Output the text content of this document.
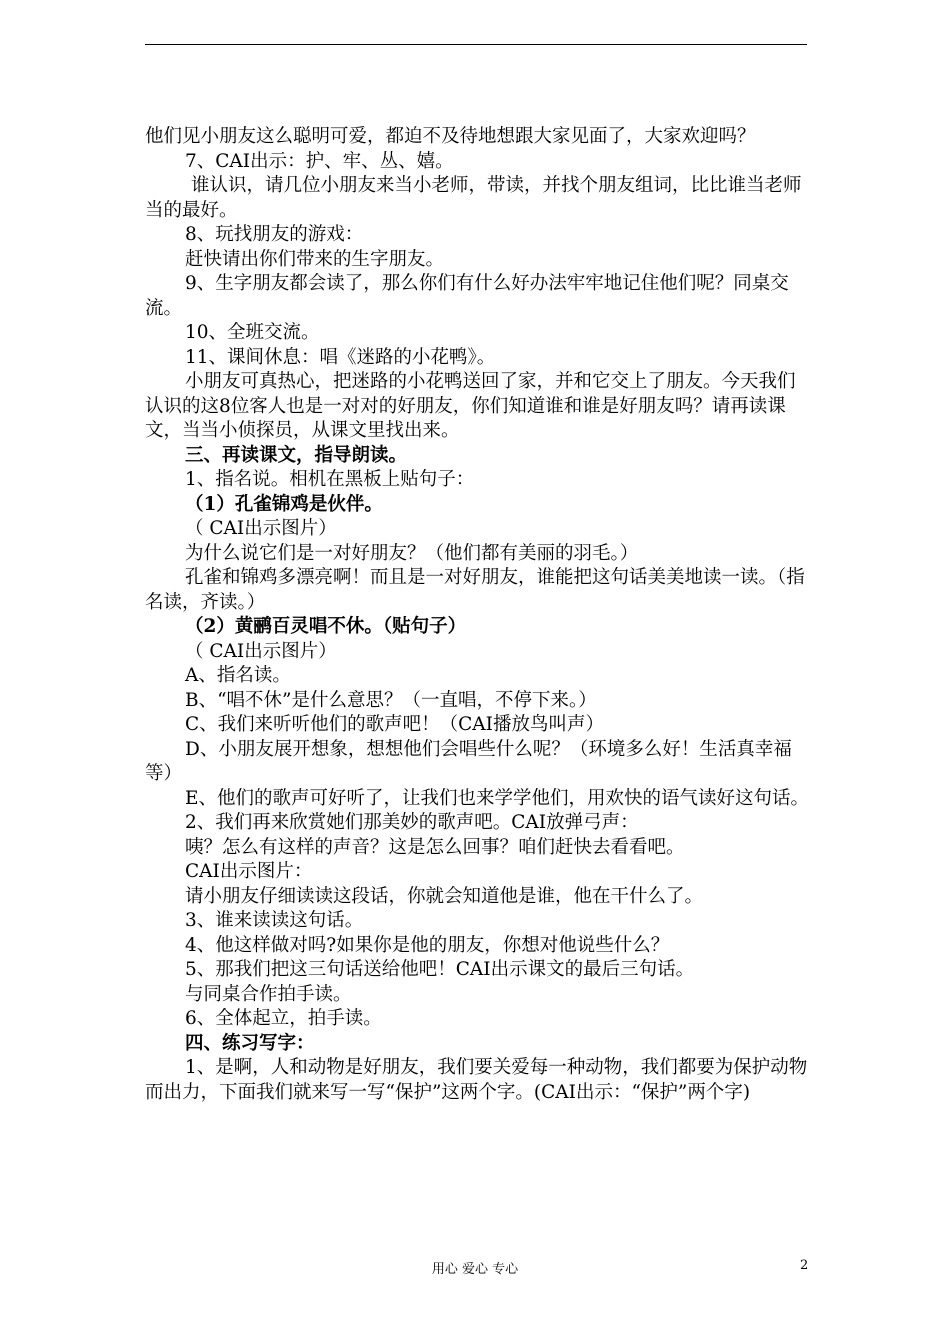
他们见小朋友这么聪明可爱，都迫不及待地想跟大家见面了，大家欢迎吗？

7、CAI出示：护、牢、丛、嬉。

谁认识，请几位小朋友来当小老师，带读，并找个朋友组词，比比谁当老师当的最好。

8、玩找朋友的游戏：

赶快请出你们带来的生字朋友。

9、生字朋友都会读了，那么你们有什么好办法牢牢地记住他们呢？同桌交流。

10、全班交流。

11、课间休息：唱《迷路的小花鸭》。

小朋友可真热心，把迷路的小花鸭送回了家，并和它交上了朋友。今天我们认识的这8位客人也是一对对的好朋友，你们知道谁和谁是好朋友吗？请再读课文，当当小侦探员，从课文里找出来。

三、再读课文，指导朗读。

1、指名说。相机在黑板上贴句子：

（1）孔雀锦鸡是伙伴。

（ CAI出示图片）

为什么说它们是一对好朋友？（他们都有美丽的羽毛。）

孔雀和锦鸡多漂亮啊！而且是一对好朋友，谁能把这句话美美地读一读。（指名读，齐读。）

（2）黄鹂百灵唱不休。（贴句子）

（ CAI出示图片）

A、指名读。

B、“唱不休”是什么意思？（一直唱，不停下来。）

C、我们来听听他们的歌声吧！（CAI播放鸟叫声）

D、小朋友展开想象，想想他们会唱些什么呢？（环境多么好！生活真幸福等）

E、他们的歌声可好听了，让我们也来学学他们，用欢快的语气读好这句话。

2、我们再来欣赏她们那美妙的歌声吧。CAI放弹弓声：

咦？怎么有这样的声音？这是怎么回事？咱们赶快去看看吧。

CAI出示图片：

请小朋友仔细读读这段话，你就会知道他是谁，他在干什么了。

3、谁来读读这句话。

4、他这样做对吗?如果你是他的朋友，你想对他说些什么？

5、那我们把这三句话送给他吧！CAI出示课文的最后三句话。

与同桌合作拍手读。

6、全体起立，拍手读。

四、练习写字：

1、是啊，人和动物是好朋友，我们要关爱每一种动物，我们都要为保护动物而出力，下面我们就来写一写“保护”这两个字。(CAI出示：“保护”两个字)

用心 爱心 专心	2
